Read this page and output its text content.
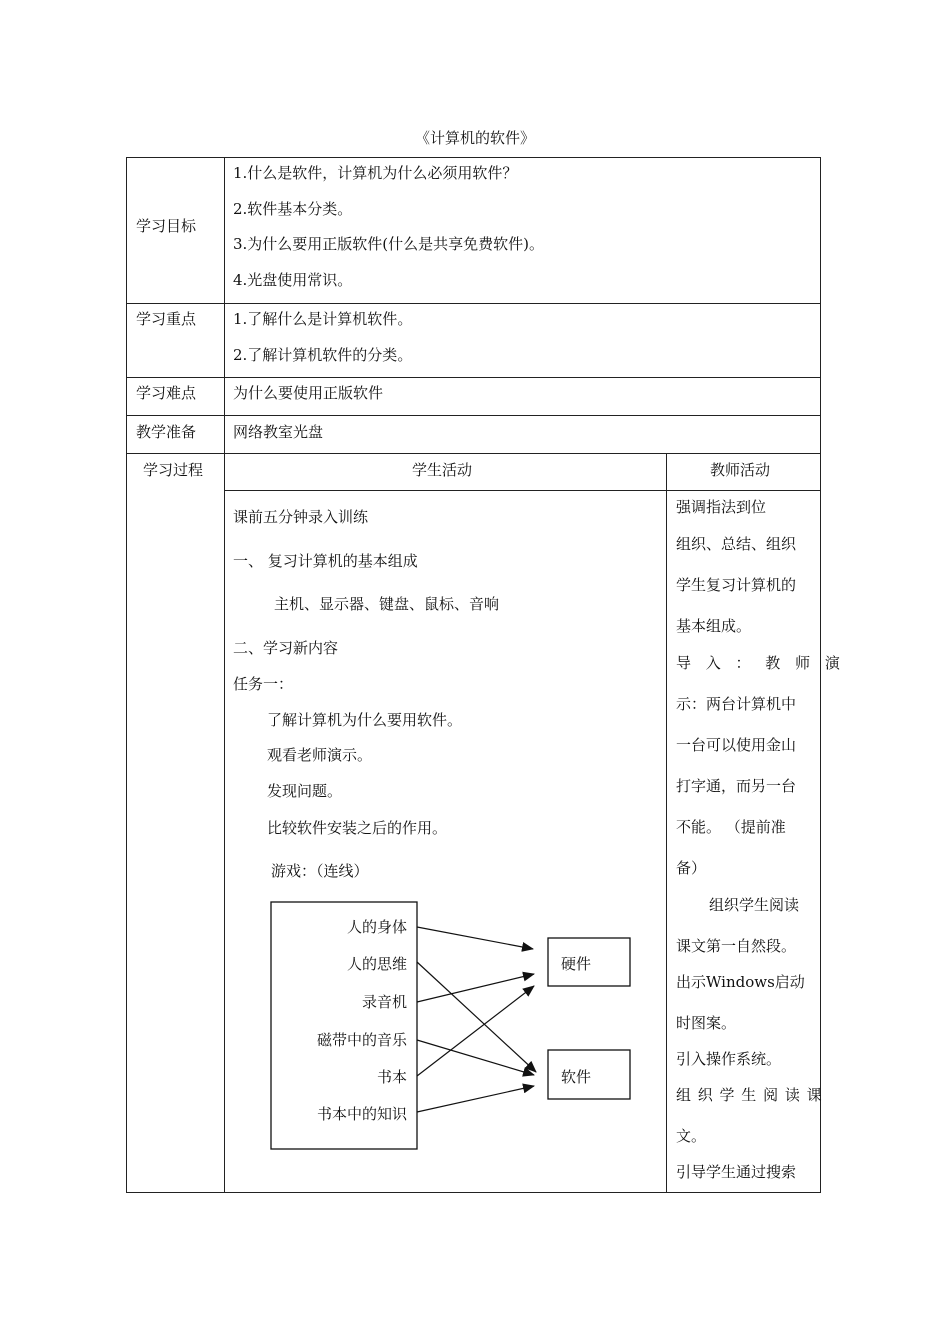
《计算机的软件》
学习目标
学习重点
学习难点
教学准备
学习过程
1.什么是软件，计算机为什么必须用软件？
2.软件基本分类。
3.为什么要用正版软件(什么是共享免费软件)。
4.光盘使用常识。
1.了解什么是计算机软件。
2.了解计算机软件的分类。
为什么要使用正版软件
网络教室光盘
学生活动	教师活动
课前五分钟录入训练
一、 复习计算机的基本组成
主机、显示器、键盘、鼠标、音响
二、学习新内容
任务一：
了解计算机为什么要用软件。
观看老师演示。
发现问题。
比较软件安装之后的作用。
游戏：（连线）
人的身体
人的思维
录音机
磁带中的音乐
书本
书本中的知识
硬件
软件
强调指法到位
组织、总结、组织
学生复习计算机的
基本组成。
导 入 ： 教 师 演
示：两台计算机中
一台可以使用金山
打字通，而另一台
不能。 （提前准
备）
组织学生阅读
课文第一自然段。
出示Windows启动
时图案。
引入操作系统。
组 织 学 生 阅 读 课
文。
引导学生通过搜索
